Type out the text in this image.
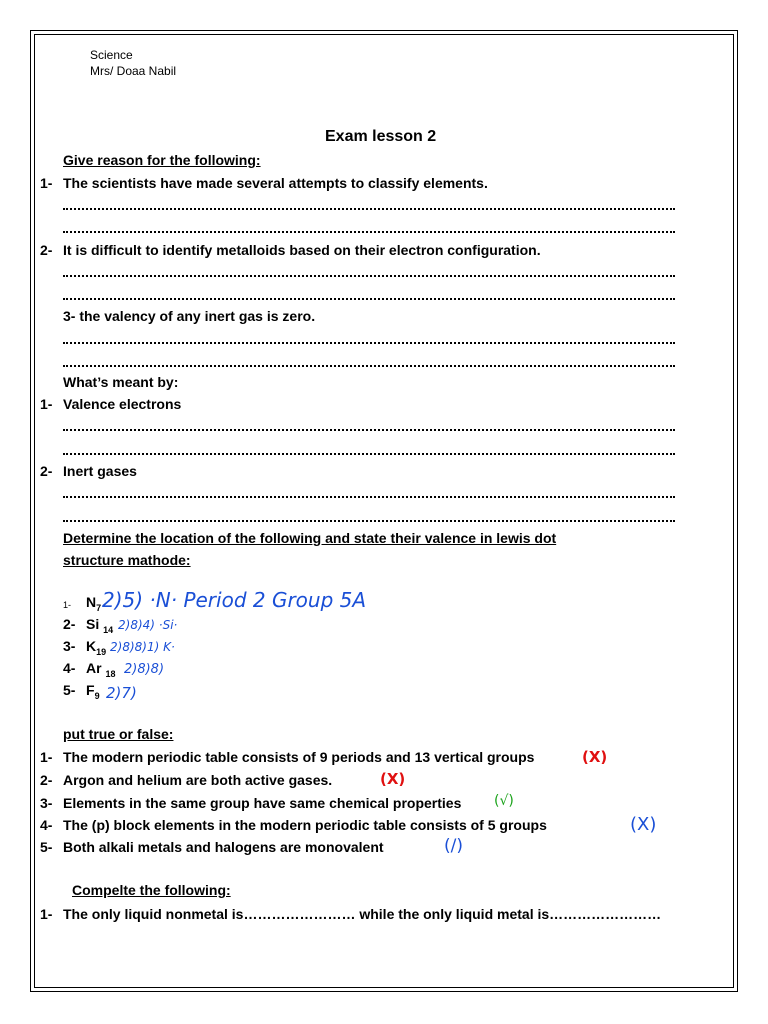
Science
Mrs/ Doaa Nabil
Exam lesson 2
Give reason for the following:
1- The scientists have made several attempts to classify elements.
2- It is difficult to identify metalloids based on their electron configuration.
3- the valency of any inert gas is zero.
What’s meant by:
1- Valence electrons
2- Inert gases
Determine the location of the following and state their valence in lewis dot
structure mathode:
1- $N_7$ 2)5) ·N· Period 2 Group 5A
2- Si $_{14}$ 2)8)4) ·Si·
3- $K_{19}$ 2)8)8)1) K·
4- Ar $_{18}$ 2)8)8)
5- $F_9$ 2)7)
put true or false:
1- The modern periodic table consists of 9 periods and 13 vertical groups	(X)
2- Argon and helium are both active gases.	(X)
3- Elements in the same group have same chemical properties (√)
4- The (p) block elements in the modern periodic table consists of 5 groups	(X)
5- Both alkali metals and halogens are monovalent	(/)
Compelte the following:
1- The only liquid nonmetal is…………………… while the only liquid metal is……………………
